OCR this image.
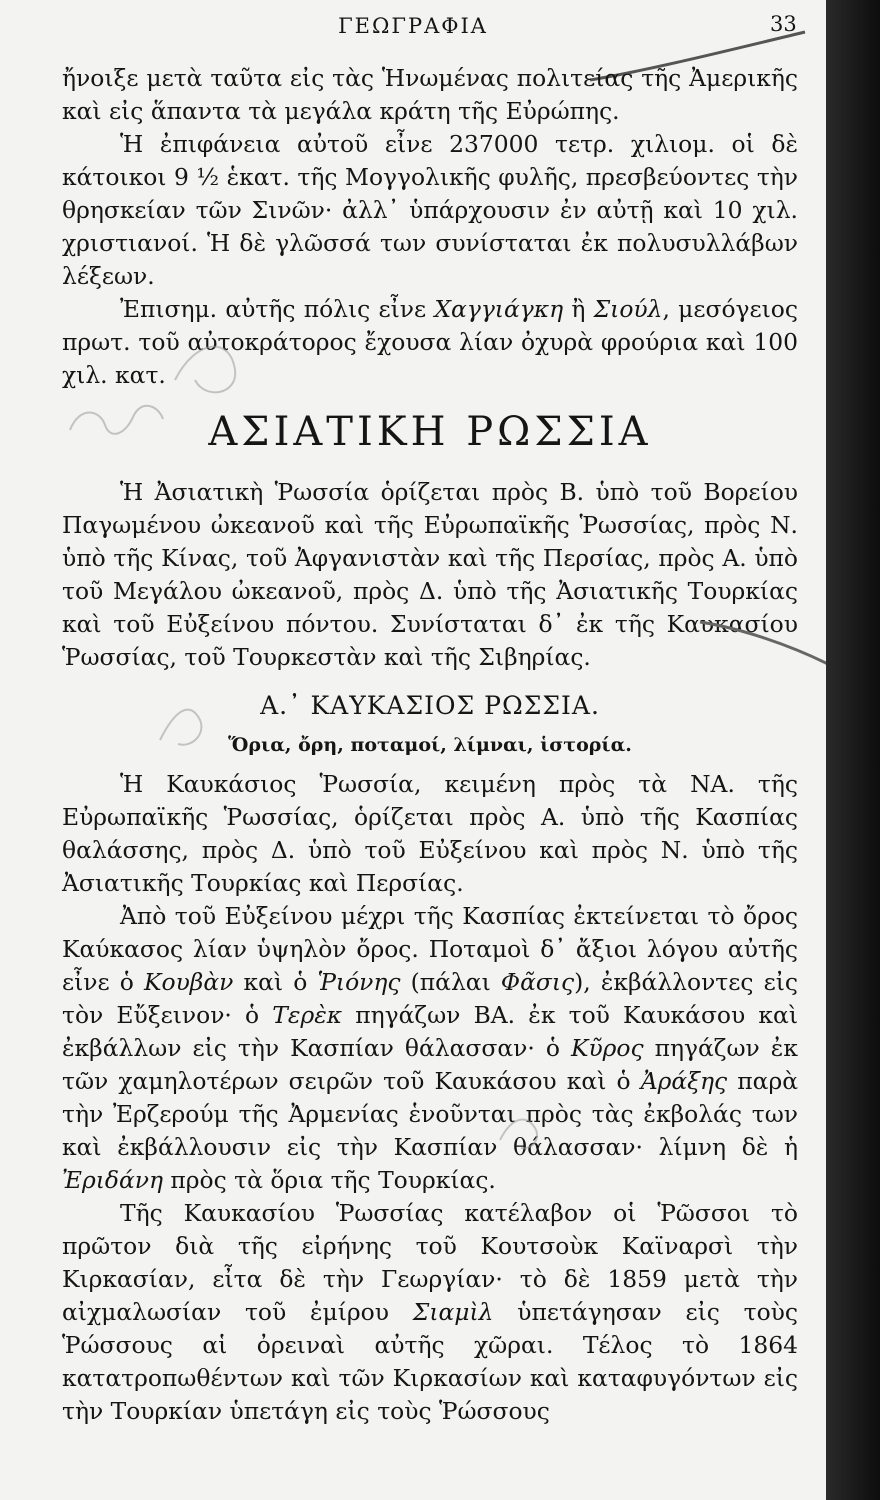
ΓΕΩΓΡΑΦΙΑ	33

ἤνοιξε μετὰ ταῦτα εἰς τὰς Ἡνωμένας πολιτείας τῆς Ἀμερικῆς καὶ εἰς ἅπαντα τὰ μεγάλα κράτη τῆς Εὐρώπης.

Ἡ ἐπιφάνεια αὐτοῦ εἶνε 237000 τετρ. χιλιομ. οἱ δὲ κάτοικοι 9 ½ ἑκατ. τῆς Μογγολικῆς φυλῆς, πρεσβεύοντες τὴν θρησκείαν τῶν Σινῶν· ἀλλ᾽ ὑπάρχουσιν ἐν αὐτῇ καὶ 10 χιλ. χριστιανοί. Ἡ δὲ γλῶσσά των συνίσταται ἐκ πολυσυλλάβων λέξεων.

Ἐπισημ. αὐτῆς πόλις εἶνε Χαγγιάγκη ἢ Σιούλ, μεσόγειος πρωτ. τοῦ αὐτοκράτορος ἔχουσα λίαν ὀχυρὰ φρούρια καὶ 100 χιλ. κατ.

ΑΣΙΑΤΙΚΗ ΡΩΣΣΙΑ

Ἡ Ἀσιατικὴ Ῥωσσία ὁρίζεται πρὸς Β. ὑπὸ τοῦ Βορείου Παγωμένου ὠκεανοῦ καὶ τῆς Εὐρωπαϊκῆς Ῥωσσίας, πρὸς Ν. ὑπὸ τῆς Κίνας, τοῦ Ἀφγανιστὰν καὶ τῆς Περσίας, πρὸς Α. ὑπὸ τοῦ Μεγάλου ὠκεανοῦ, πρὸς Δ. ὑπὸ τῆς Ἀσιατικῆς Τουρκίας καὶ τοῦ Εὐξείνου πόντου. Συνίσταται δ᾽ ἐκ τῆς Καυκασίου Ῥωσσίας, τοῦ Τουρκεστὰν καὶ τῆς Σιβηρίας.

Α.᾽ ΚΑΥΚΑΣΙΟΣ ΡΩΣΣΙΑ.
Ὅρια, ὄρη, ποταμοί, λίμναι, ἱστορία.

Ἡ Καυκάσιος Ῥωσσία, κειμένη πρὸς τὰ ΝΑ. τῆς Εὐρωπαϊκῆς Ῥωσσίας, ὁρίζεται πρὸς Α. ὑπὸ τῆς Κασπίας θαλάσσης, πρὸς Δ. ὑπὸ τοῦ Εὐξείνου καὶ πρὸς Ν. ὑπὸ τῆς Ἀσιατικῆς Τουρκίας καὶ Περσίας.

Ἀπὸ τοῦ Εὐξείνου μέχρι τῆς Κασπίας ἐκτείνεται τὸ ὄρος Καύκασος λίαν ὑψηλὸν ὄρος. Ποταμοὶ δ᾽ ἄξιοι λόγου αὐτῆς εἶνε ὁ Κουβὰν καὶ ὁ Ῥιόνης (πάλαι Φᾶσις), ἐκβάλλοντες εἰς τὸν Εὔξεινον· ὁ Τερὲκ πηγάζων ΒΑ. ἐκ τοῦ Καυκάσου καὶ ἐκβάλλων εἰς τὴν Κασπίαν θάλασσαν· ὁ Κῦρος πηγάζων ἐκ τῶν χαμηλοτέρων σειρῶν τοῦ Καυκάσου καὶ ὁ Ἀράξης παρὰ τὴν Ἐρζερούμ τῆς Ἀρμενίας ἑνοῦνται πρὸς τὰς ἐκβολάς των καὶ ἐκβάλλουσιν εἰς τὴν Κασπίαν θάλασσαν· λίμνη δὲ ἡ Ἐριδάνη πρὸς τὰ ὅρια τῆς Τουρκίας.

Τῆς Καυκασίου Ῥωσσίας κατέλαβον οἱ Ῥῶσσοι τὸ πρῶτον διὰ τῆς εἰρήνης τοῦ Κουτσοὺκ Καϊναρσὶ τὴν Κιρκασίαν, εἶτα δὲ τὴν Γεωργίαν· τὸ δὲ 1859 μετὰ τὴν αἰχμαλωσίαν τοῦ ἐμίρου Σιαμὶλ ὑπετάγησαν εἰς τοὺς Ῥώσσους αἱ ὀρειναὶ αὐτῆς χῶραι. Τέλος τὸ 1864 κατατροπωθέντων καὶ τῶν Κιρκασίων καὶ καταφυγόντων εἰς τὴν Τουρκίαν ὑπετάγη εἰς τοὺς Ῥώσσους
